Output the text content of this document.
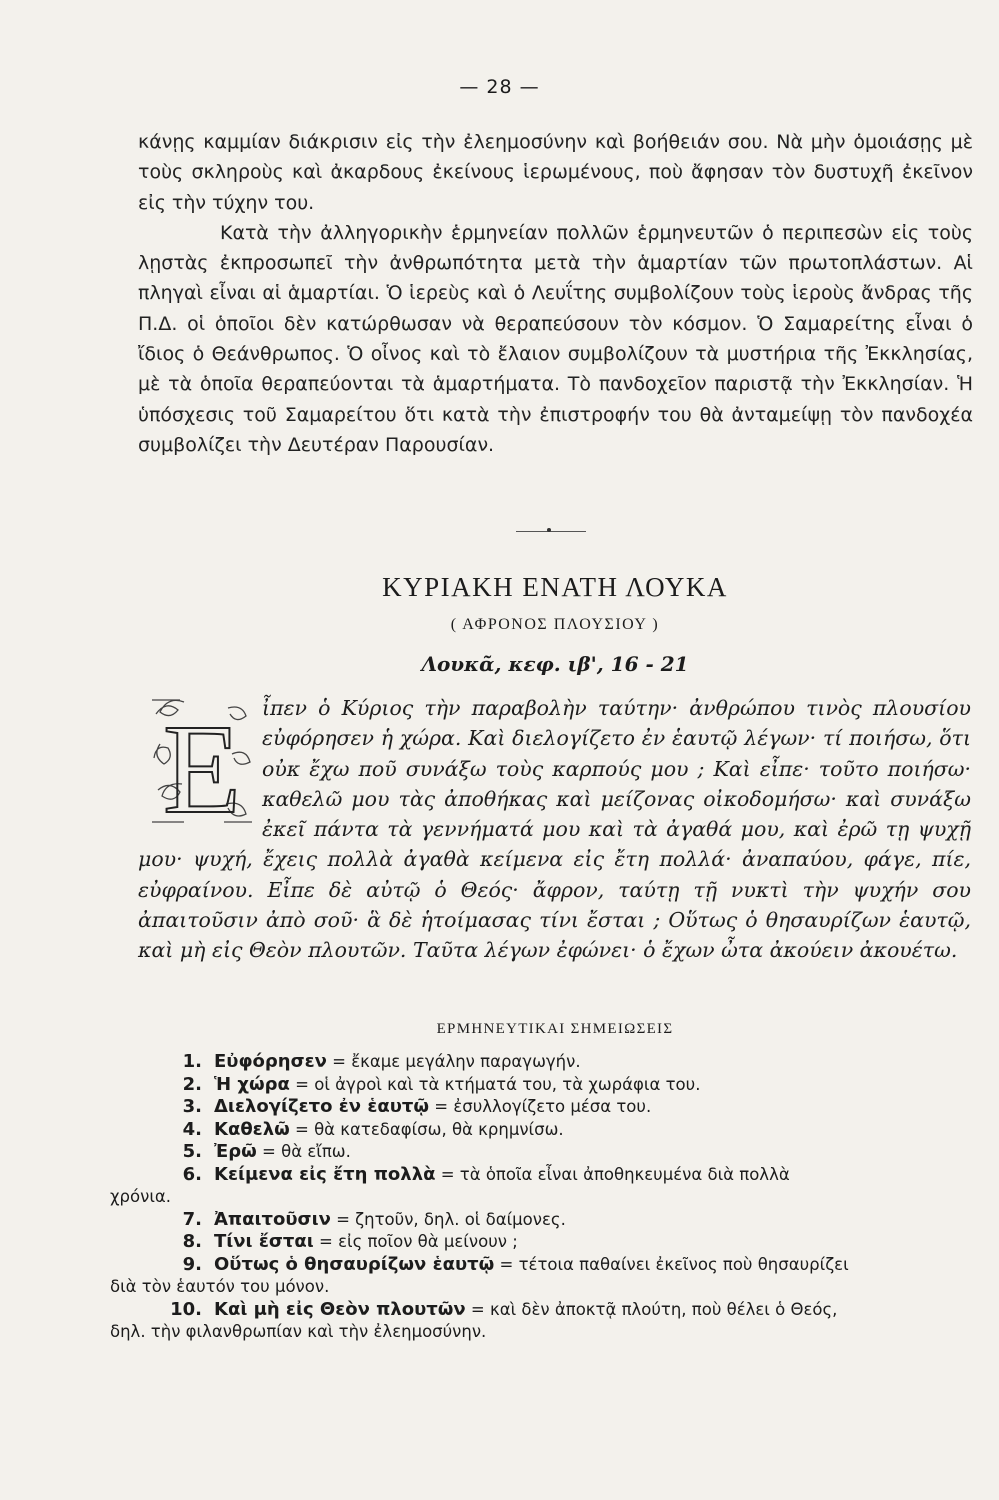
— 28 —

κάνῃς καμμίαν διάκρισιν εἰς τὴν ἐλεημοσύνην καὶ βοήθειάν σου. Νὰ μὴν ὁμοιάσῃς μὲ τοὺς σκληροὺς καὶ ἀκαρδους ἐκείνους ἱερωμένους, ποὺ ἄφησαν τὸν δυστυχῆ ἐκεῖνον εἰς τὴν τύχην του.

Κατὰ τὴν ἀλληγορικὴν ἑρμηνείαν πολλῶν ἑρμηνευτῶν ὁ περιπεσὼν εἰς τοὺς λῃστὰς ἐκπροσωπεῖ τὴν ἀνθρωπότητα μετὰ τὴν ἁμαρτίαν τῶν πρωτοπλάστων. Αἱ πληγαὶ εἶναι αἱ ἁμαρτίαι. Ὁ ἱερεὺς καὶ ὁ Λευΐτης συμβολίζουν τοὺς ἱεροὺς ἄνδρας τῆς Π.Δ. οἱ ὁποῖοι δὲν κατώρθωσαν νὰ θεραπεύσουν τὸν κόσμον. Ὁ Σαμαρείτης εἶναι ὁ ἴδιος ὁ Θεάνθρωπος. Ὁ οἶνος καὶ τὸ ἔλαιον συμβολίζουν τὰ μυστήρια τῆς Ἐκκλησίας, μὲ τὰ ὁποῖα θεραπεύονται τὰ ἁμαρτήματα. Τὸ πανδοχεῖον παριστᾷ τὴν Ἐκκλησίαν. Ἡ ὑπόσχεσις τοῦ Σαμαρείτου ὅτι κατὰ τὴν ἐπιστροφήν του θὰ ἀνταμείψῃ τὸν πανδοχέα συμβολίζει τὴν Δευτέραν Παρουσίαν.

ΚΥΡΙΑΚΗ ΕΝΑΤΗ ΛΟΥΚΑ
( ΑΦΡΟΝΟΣ ΠΛΟΥΣΙΟΥ )
Λουκᾶ, κεφ. ιβ', 16 - 21
Ε	ἶπεν ὁ Κύριος τὴν παραβολὴν ταύτην· ἀνθρώπου τινὸς πλουσίου εὐφόρησεν ἡ χώρα. Καὶ διελογίζετο ἐν ἑαυτῷ λέγων· τί ποιήσω, ὅτι οὐκ ἔχω ποῦ συνάξω τοὺς καρπούς μου ; Καὶ εἶπε· τοῦτο ποιήσω· καθελῶ μου τὰς ἀποθήκας καὶ μείζονας οἰκοδομήσω· καὶ συνάξω ἐκεῖ πάντα τὰ γεννήματά μου καὶ τὰ ἀγαθά μου, καὶ ἐρῶ τῃ ψυχῇ μου· ψυχή, ἔχεις πολλὰ ἀγαθὰ κείμενα εἰς ἔτη πολλά· ἀναπαύου, φάγε, πίε, εὐφραίνου. Εἶπε δὲ αὐτῷ ὁ Θεός· ἄφρον, ταύτῃ τῇ νυκτὶ τὴν ψυχήν σου ἀπαιτοῦσιν ἀπὸ σοῦ· ἃ δὲ ἡτοίμασας τίνι ἔσται ; Οὕτως ὁ θησαυρίζων ἑαυτῷ, καὶ μὴ εἰς Θεὸν πλουτῶν. Ταῦτα λέγων ἐφώνει· ὁ ἔχων ὦτα ἀκούειν ἀκουέτω.

ΕΡΜΗΝΕΥΤΙΚΑΙ ΣΗΜΕΙΩΣΕΙΣ

1. Εὐφόρησεν = ἔκαμε μεγάλην παραγωγήν.

2. Ἡ χώρα = οἱ ἀγροὶ καὶ τὰ κτήματά του, τὰ χωράφια του.

3. Διελογίζετο ἐν ἑαυτῷ = ἐσυλλογίζετο μέσα του.

4. Καθελῶ = θὰ κατεδαφίσω, θὰ κρημνίσω.

5. Ἐρῶ = θὰ εἴπω.

6. Κείμενα εἰς ἔτη πολλὰ = τὰ ὁποῖα εἶναι ἀποθηκευμένα διὰ πολλὰ
χρόνια.

7. Ἀπαιτοῦσιν = ζητοῦν, δηλ. οἱ δαίμονες.

8. Τίνι ἔσται = εἰς ποῖον θὰ μείνουν ;

9. Οὕτως ὁ θησαυρίζων ἑαυτῷ = τέτοια παθαίνει ἐκεῖνος ποὺ θησαυρίζει
διὰ τὸν ἑαυτόν του μόνον.

10. Καὶ μὴ εἰς Θεὸν πλουτῶν = καὶ δὲν ἀποκτᾷ πλούτη, ποὺ θέλει ὁ Θεός,
δηλ. τὴν φιλανθρωπίαν καὶ τὴν ἐλεημοσύνην.
